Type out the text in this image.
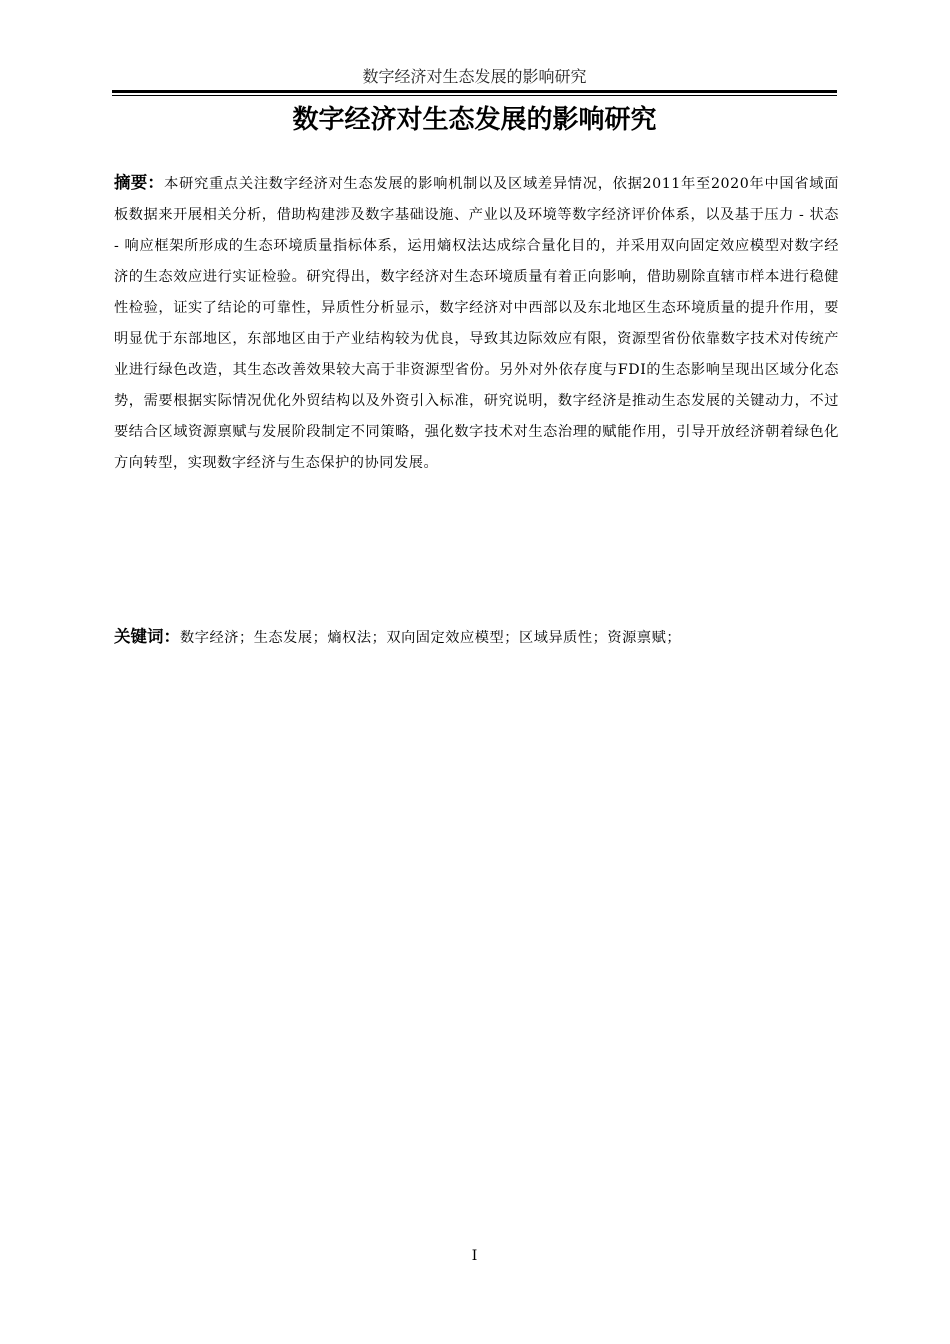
数字经济对生态发展的影响研究
数字经济对生态发展的影响研究

摘要：本研究重点关注数字经济对生态发展的影响机制以及区域差异情况，依据2011年至2020年中国省域面板数据来开展相关分析，借助构建涉及数字基础设施、产业以及环境等数字经济评价体系，以及基于压力 - 状态 - 响应框架所形成的生态环境质量指标体系，运用熵权法达成综合量化目的，并采用双向固定效应模型对数字经济的生态效应进行实证检验。研究得出，数字经济对生态环境质量有着正向影响，借助剔除直辖市样本进行稳健性检验，证实了结论的可靠性，异质性分析显示，数字经济对中西部以及东北地区生态环境质量的提升作用，要明显优于东部地区，东部地区由于产业结构较为优良，导致其边际效应有限，资源型省份依靠数字技术对传统产业进行绿色改造，其生态改善效果较大高于非资源型省份。另外对外依存度与FDI的生态影响呈现出区域分化态势，需要根据实际情况优化外贸结构以及外资引入标准，研究说明，数字经济是推动生态发展的关键动力，不过要结合区域资源禀赋与发展阶段制定不同策略，强化数字技术对生态治理的赋能作用，引导开放经济朝着绿色化方向转型，实现数字经济与生态保护的协同发展。

关键词：数字经济；生态发展；熵权法；双向固定效应模型；区域异质性；资源禀赋；

I
